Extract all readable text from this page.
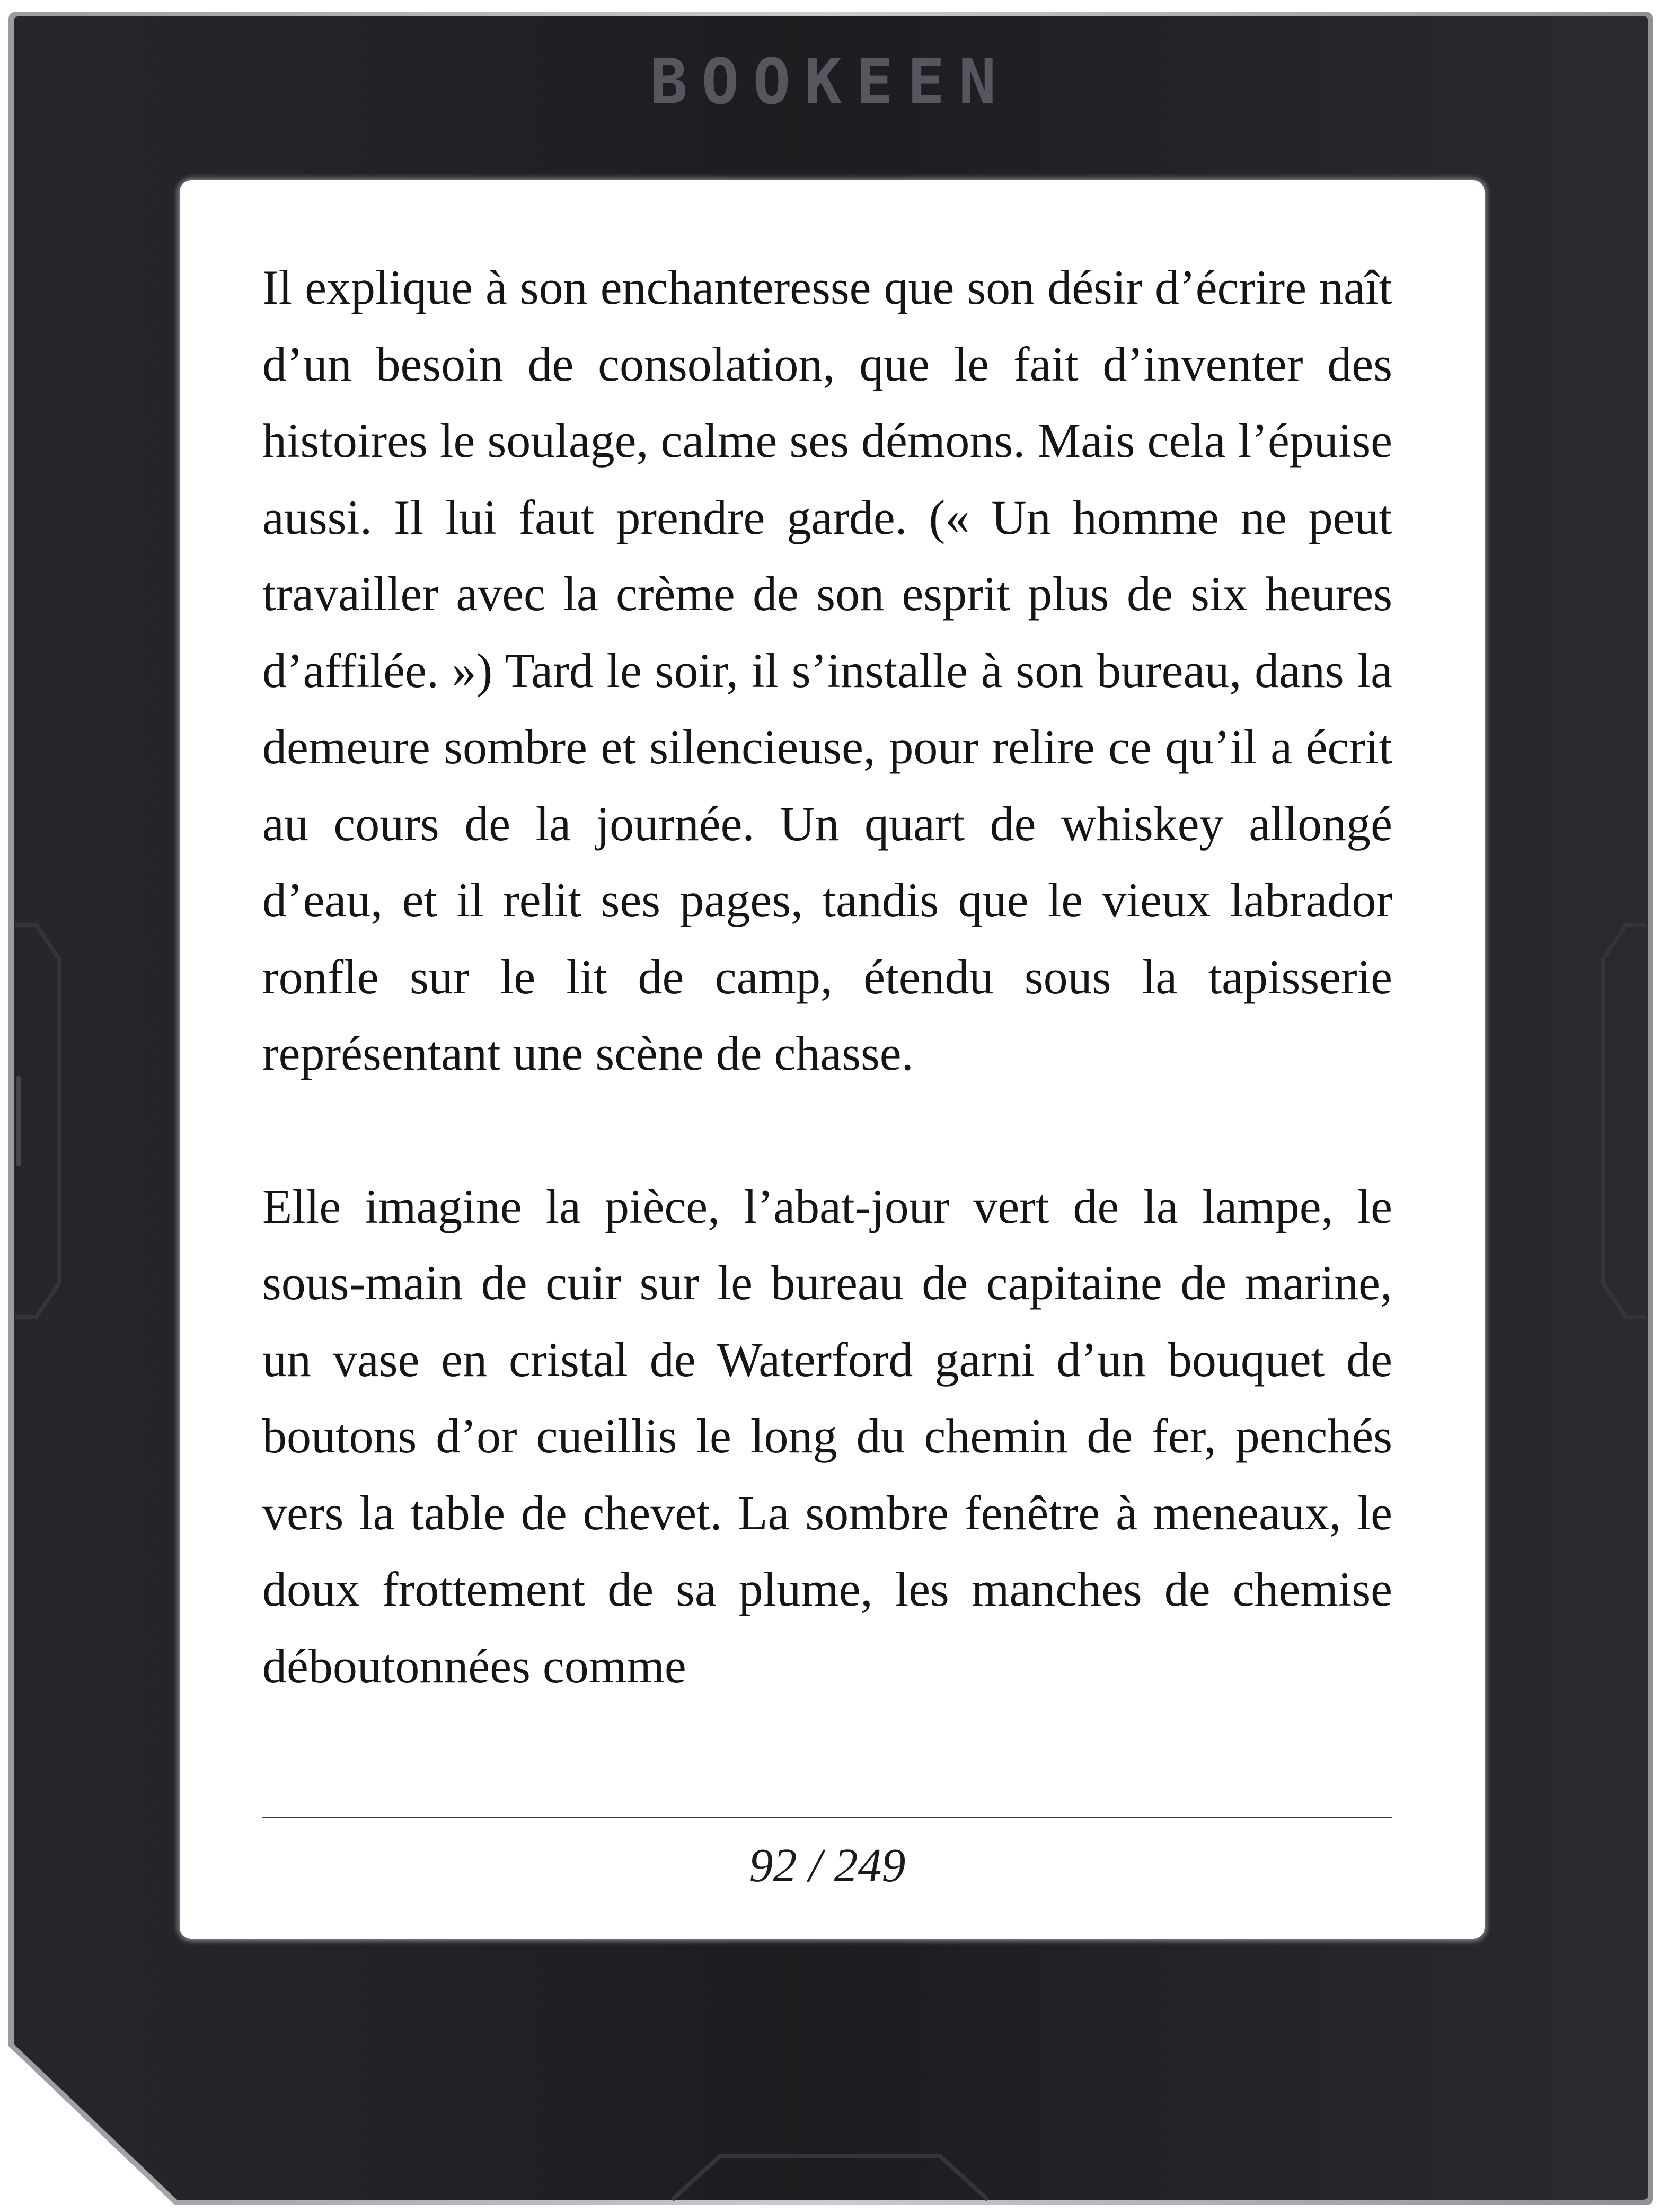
BOOKEEN

Il explique à son enchanteresse que son désir d’écrire naît d’un besoin de consolation, que le fait d’inventer des histoires le soulage, calme ses démons. Mais cela l’épuise aussi. Il lui faut prendre garde. (« Un homme ne peut travailler avec la crème de son esprit plus de six heures d’affilée. ») Tard le soir, il s’installe à son bureau, dans la demeure sombre et silencieuse, pour relire ce qu’il a écrit au cours de la journée. Un quart de whiskey allongé d’eau, et il relit ses pages, tandis que le vieux labrador ronfle sur le lit de camp, étendu sous la tapisserie représentant une scène de chasse.

Elle imagine la pièce, l’abat-jour vert de la lampe, le sous-main de cuir sur le bureau de capitaine de marine, un vase en cristal de Waterford garni d’un bouquet de boutons d’or cueillis le long du chemin de fer, penchés vers la table de chevet. La sombre fenêtre à meneaux, le doux frottement de sa plume, les manches de chemise déboutonnées comme

92 / 249
